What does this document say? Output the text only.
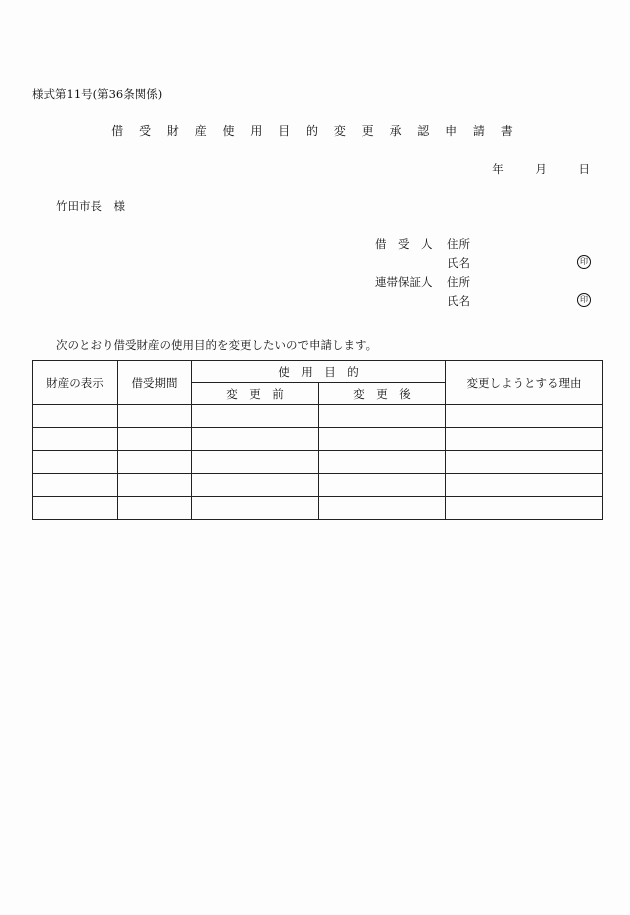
様式第11号(第36条関係)
借 受 財 産 使 用 目 的 変 更 承 認 申 請 書
年	月	日
竹田市長　様
借　受　人 住所
氏名	印
連帯保証人 住所
氏名	印
次のとおり借受財産の使用目的を変更したいので申請します。
財産の表示	借受期間	使　用　目　的		変更しようとする理由
		変　更　前	変　更　後	
